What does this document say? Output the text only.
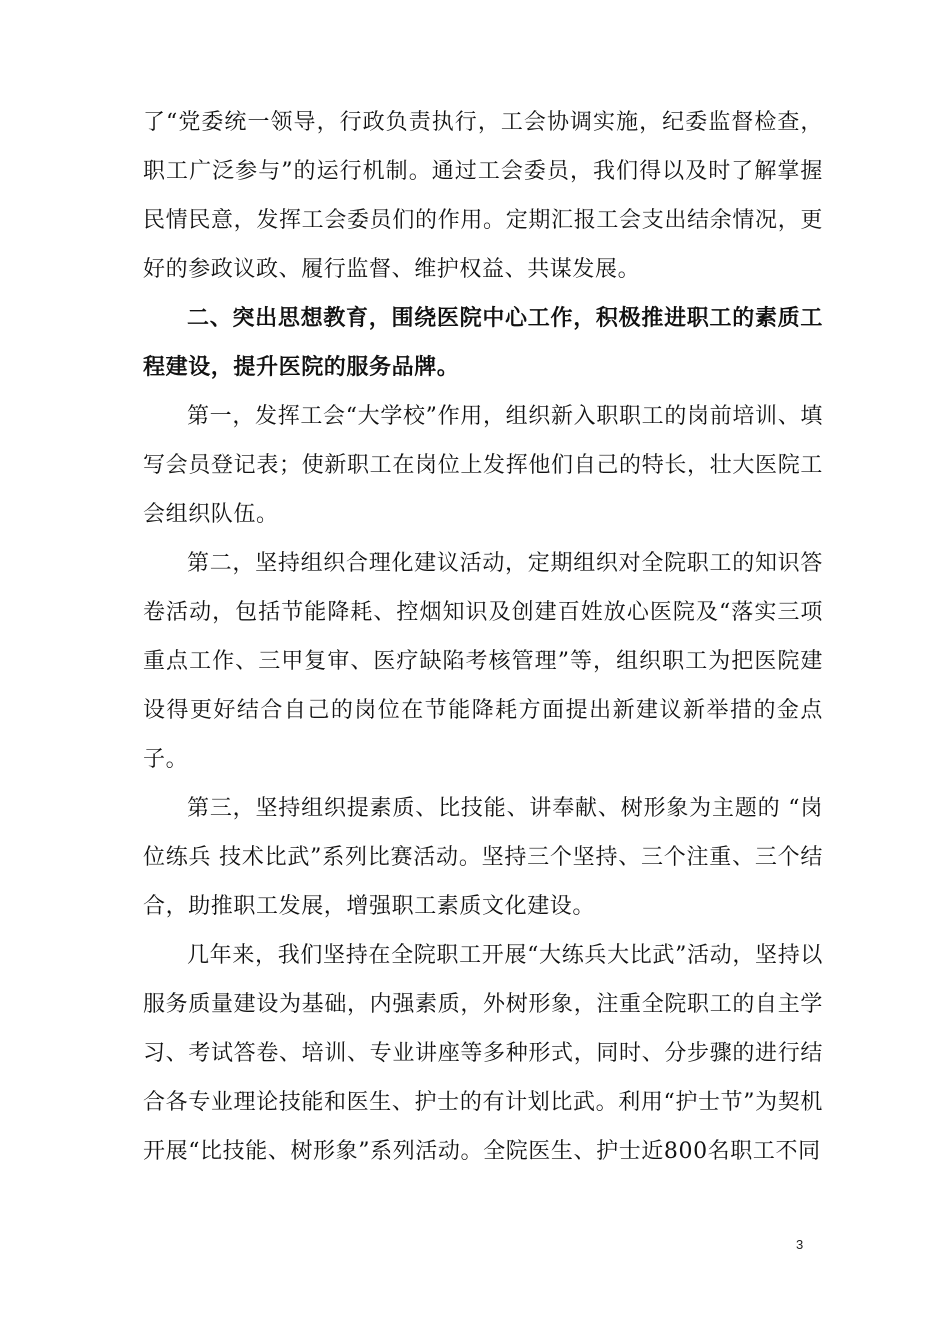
了“党委统一领导，行政负责执行，工会协调实施，纪委监督检查，职工广泛参与”的运行机制。通过工会委员，我们得以及时了解掌握民情民意，发挥工会委员们的作用。定期汇报工会支出结余情况，更好的参政议政、履行监督、维护权益、共谋发展。

二、突出思想教育，围绕医院中心工作，积极推进职工的素质工程建设，提升医院的服务品牌。

第一，发挥工会“大学校”作用，组织新入职职工的岗前培训、填写会员登记表；使新职工在岗位上发挥他们自己的特长，壮大医院工会组织队伍。

第二，坚持组织合理化建议活动，定期组织对全院职工的知识答卷活动，包括节能降耗、控烟知识及创建百姓放心医院及“落实三项重点工作、三甲复审、医疗缺陷考核管理”等，组织职工为把医院建设得更好结合自己的岗位在节能降耗方面提出新建议新举措的金点子。

第三，坚持组织提素质、比技能、讲奉献、树形象为主题的 “岗位练兵 技术比武”系列比赛活动。坚持三个坚持、三个注重、三个结合，助推职工发展，增强职工素质文化建设。

几年来，我们坚持在全院职工开展“大练兵大比武”活动，坚持以服务质量建设为基础，内强素质，外树形象，注重全院职工的自主学习、考试答卷、培训、专业讲座等多种形式，同时、分步骤的进行结合各专业理论技能和医生、护士的有计划比武。利用“护士节”为契机开展“比技能、树形象”系列活动。全院医生、护士近800名职工不同

3
